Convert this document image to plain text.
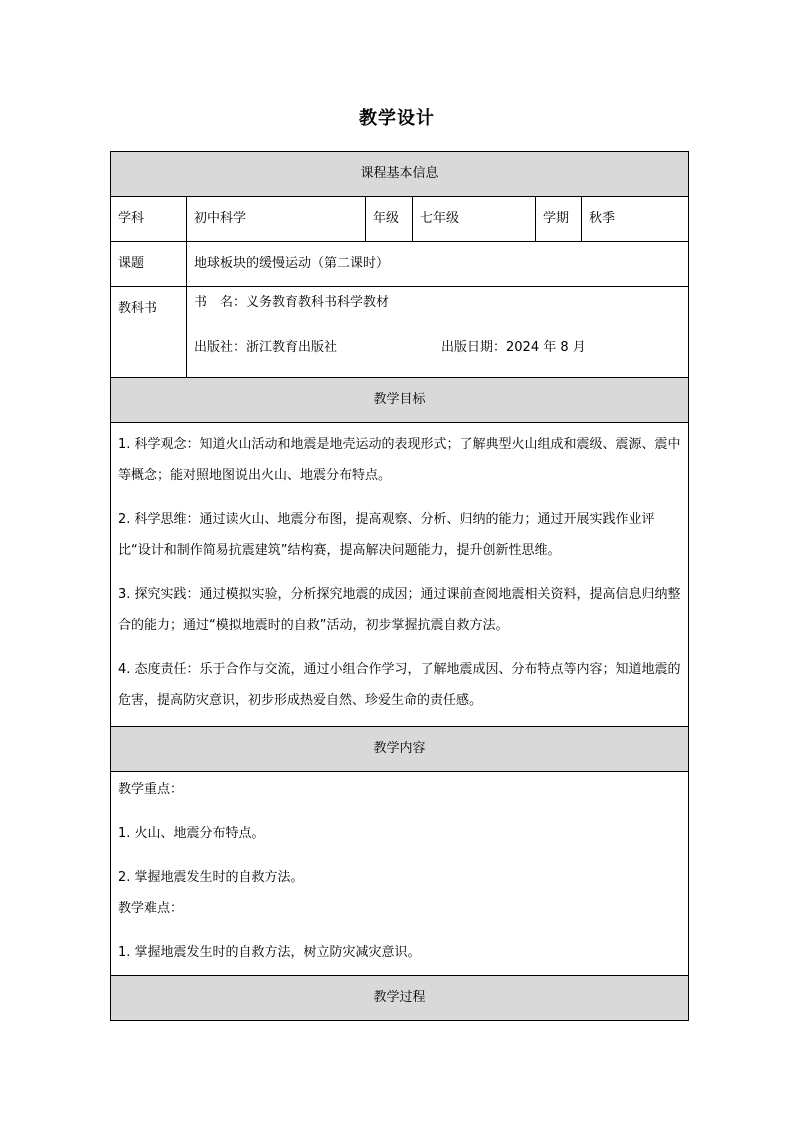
教学设计
课程基本信息					
学科	初中科学	年级	七年级	学期	秋季
课题	地球板块的缓慢运动（第二课时）				
教科书	书　名：义务教育教科书科学教材
出版社：浙江教育出版社 出版日期：2024 年 8 月				

教学目标					

1. 科学观念：知道火山活动和地震是地壳运动的表现形式；了解典型火山组成和震级、震源、震中等概念；能对照地图说出火山、地震分布特点。

2. 科学思维：通过读火山、地震分布图，提高观察、分析、归纳的能力；通过开展实践作业评比“设计和制作简易抗震建筑”结构赛，提高解决问题能力，提升创新性思维。

3. 探究实践：通过模拟实验，分析探究地震的成因；通过课前查阅地震相关资料，提高信息归纳整合的能力；通过“模拟地震时的自救”活动，初步掌握抗震自救方法。

4. 态度责任：乐于合作与交流，通过小组合作学习，了解地震成因、分布特点等内容；知道地震的危害，提高防灾意识，初步形成热爱自然、珍爱生命的责任感。					

教学内容					

教学重点：

1. 火山、地震分布特点。

2. 掌握地震发生时的自救方法。

教学难点：

1. 掌握地震发生时的自救方法，树立防灾减灾意识。					

教学过程					
